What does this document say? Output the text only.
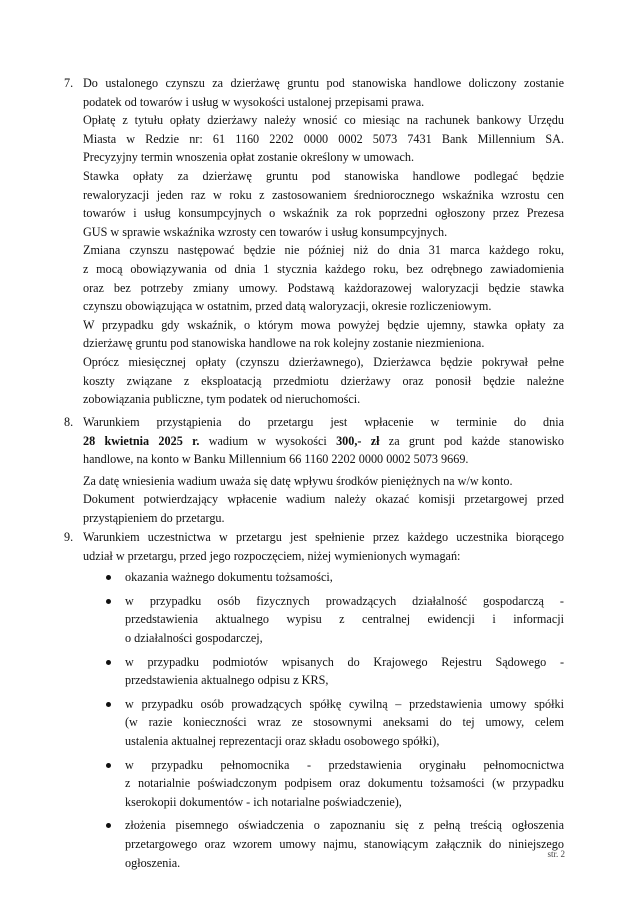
7. Do ustalonego czynszu za dzierżawę gruntu pod stanowiska handlowe doliczony zostanie
podatek od towarów i usług w wysokości ustalonej przepisami prawa.
Opłatę z tytułu opłaty dzierżawy należy wnosić co miesiąc na rachunek bankowy Urzędu
Miasta w Redzie nr: 61 1160 2202 0000 0002 5073 7431 Bank Millennium SA.
Precyzyjny termin wnoszenia opłat zostanie określony w umowach.
Stawka opłaty za dzierżawę gruntu pod stanowiska handlowe podlegać będzie
rewaloryzacji jeden raz w roku z zastosowaniem średniorocznego wskaźnika wzrostu cen
towarów i usług konsumpcyjnych o wskaźnik za rok poprzedni ogłoszony przez Prezesa
GUS w sprawie wskaźnika wzrosty cen towarów i usług konsumpcyjnych.
Zmiana czynszu następować będzie nie później niż do dnia 31 marca każdego roku,
z mocą obowiązywania od dnia 1 stycznia każdego roku, bez odrębnego zawiadomienia
oraz bez potrzeby zmiany umowy. Podstawą każdorazowej waloryzacji będzie stawka
czynszu obowiązująca w ostatnim, przed datą waloryzacji, okresie rozliczeniowym.
W przypadku gdy wskaźnik, o którym mowa powyżej będzie ujemny, stawka opłaty za
dzierżawę gruntu pod stanowiska handlowe na rok kolejny zostanie niezmieniona.
Oprócz miesięcznej opłaty (czynszu dzierżawnego), Dzierżawca będzie pokrywał pełne
koszty związane z eksploatacją przedmiotu dzierżawy oraz ponosił będzie należne
zobowiązania publiczne, tym podatek od nieruchomości.
8. Warunkiem przystąpienia do przetargu jest wpłacenie w terminie do dnia
28 kwietnia 2025 r. wadium w wysokości 300,- zł za grunt pod każde stanowisko
handlowe, na konto w Banku Millennium 66 1160 2202 0000 0002 5073 9669.
Za datę wniesienia wadium uważa się datę wpływu środków pieniężnych na w/w konto.
Dokument potwierdzający wpłacenie wadium należy okazać komisji przetargowej przed
przystąpieniem do przetargu.
9. Warunkiem uczestnictwa w przetargu jest spełnienie przez każdego uczestnika biorącego
udział w przetargu, przed jego rozpoczęciem, niżej wymienionych wymagań:
okazania ważnego dokumentu tożsamości,
w przypadku osób fizycznych prowadzących działalność gospodarczą -
przedstawienia aktualnego wypisu z centralnej ewidencji i informacji
o działalności gospodarczej,
w przypadku podmiotów wpisanych do Krajowego Rejestru Sądowego -
przedstawienia aktualnego odpisu z KRS,
w przypadku osób prowadzących spółkę cywilną – przedstawienia umowy spółki
(w razie konieczności wraz ze stosownymi aneksami do tej umowy, celem
ustalenia aktualnej reprezentacji oraz składu osobowego spółki),
w przypadku pełnomocnika - przedstawienia oryginału pełnomocnictwa
z notarialnie poświadczonym podpisem oraz dokumentu tożsamości (w przypadku
kserokopii dokumentów - ich notarialne poświadczenie),
złożenia pisemnego oświadczenia o zapoznaniu się z pełną treścią ogłoszenia
przetargowego oraz wzorem umowy najmu, stanowiącym załącznik do niniejszego
ogłoszenia.
str. 2
